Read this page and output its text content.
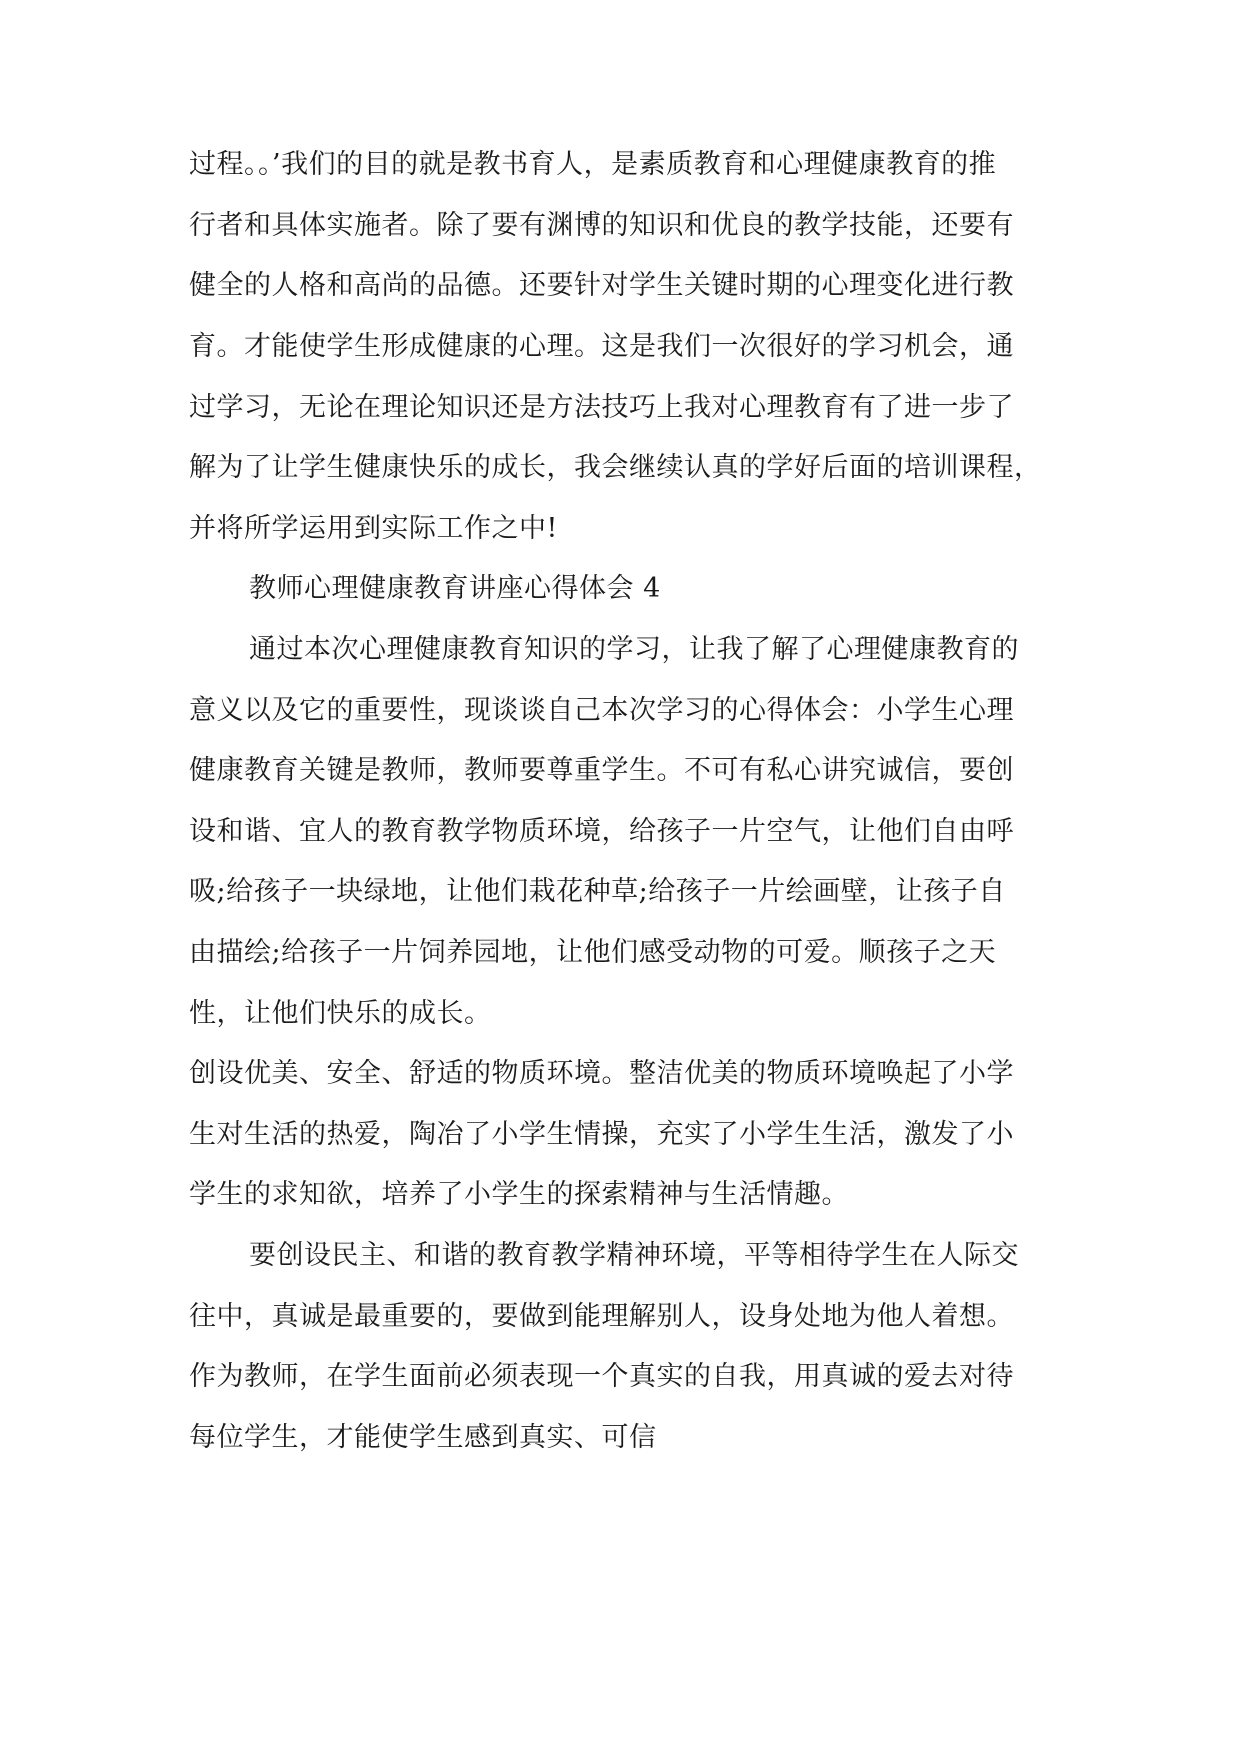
过程。。’我们的目的就是教书育人，是素质教育和心理健康教育的推
行者和具体实施者。除了要有渊博的知识和优良的教学技能，还要有
健全的人格和高尚的品德。还要针对学生关键时期的心理变化进行教
育。才能使学生形成健康的心理。这是我们一次很好的学习机会，通
过学习，无论在理论知识还是方法技巧上我对心理教育有了进一步了
解为了让学生健康快乐的成长，我会继续认真的学好后面的培训课程，
并将所学运用到实际工作之中!
教师心理健康教育讲座心得体会 4
通过本次心理健康教育知识的学习，让我了解了心理健康教育的
意义以及它的重要性，现谈谈自己本次学习的心得体会：小学生心理
健康教育关键是教师，教师要尊重学生。不可有私心讲究诚信，要创
设和谐、宜人的教育教学物质环境，给孩子一片空气，让他们自由呼
吸;给孩子一块绿地，让他们栽花种草;给孩子一片绘画壁，让孩子自
由描绘;给孩子一片饲养园地，让他们感受动物的可爱。顺孩子之天
性，让他们快乐的成长。
创设优美、安全、舒适的物质环境。整洁优美的物质环境唤起了小学
生对生活的热爱，陶冶了小学生情操，充实了小学生生活，激发了小
学生的求知欲，培养了小学生的探索精神与生活情趣。
要创设民主、和谐的教育教学精神环境，平等相待学生在人际交
往中，真诚是最重要的，要做到能理解别人，设身处地为他人着想。
作为教师，在学生面前必须表现一个真实的自我，用真诚的爱去对待
每位学生，才能使学生感到真实、可信
